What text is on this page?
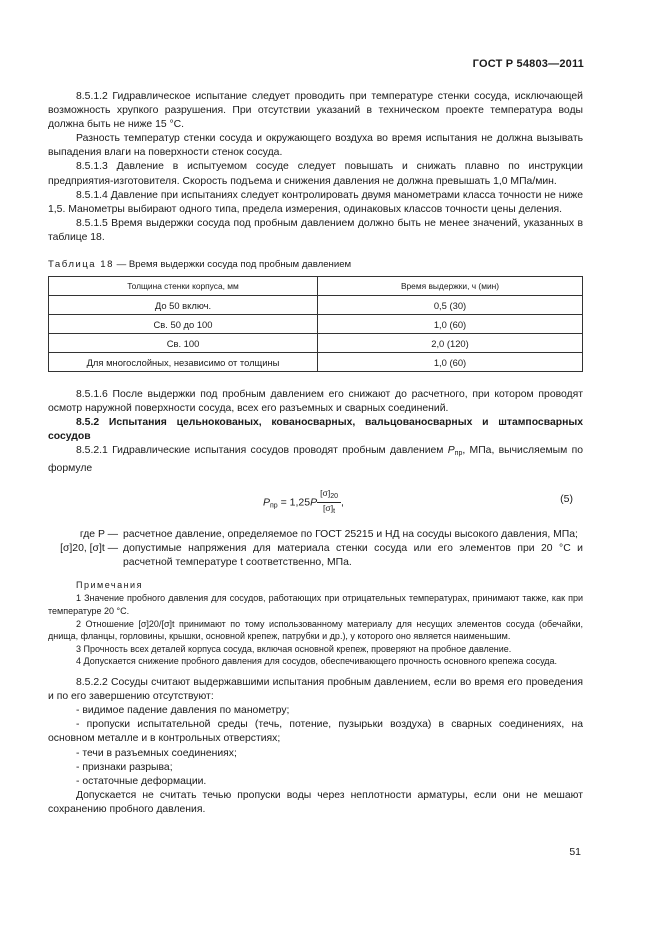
ГОСТ Р 54803—2011

8.5.1.2 Гидравлическое испытание следует проводить при температуре стенки сосуда, исключающей возможность хрупкого разрушения. При отсутствии указаний в техническом проекте температура воды должна быть не ниже 15 °С.

Разность температур стенки сосуда и окружающего воздуха во время испытания не должна вызывать выпадения влаги на поверхности стенок сосуда.

8.5.1.3 Давление в испытуемом сосуде следует повышать и снижать плавно по инструкции предприятия-изготовителя. Скорость подъема и снижения давления не должна превышать 1,0 МПа/мин.

8.5.1.4 Давление при испытаниях следует контролировать двумя манометрами класса точности не ниже 1,5. Манометры выбирают одного типа, предела измерения, одинаковых классов точности цены деления.

8.5.1.5 Время выдержки сосуда под пробным давлением должно быть не менее значений, указанных в таблице 18.

Таблица 18 — Время выдержки сосуда под пробным давлением
Толщина стенки корпуса, мм	Время выдержки, ч (мин)
До 50 включ.	0,5 (30)
Св. 50 до 100	1,0 (60)
Св. 100	2,0 (120)
Для многослойных, независимо от толщины	1,0 (60)

8.5.1.6 После выдержки под пробным давлением его снижают до расчетного, при котором проводят осмотр наружной поверхности сосуда, всех его разъемных и сварных соединений.

8.5.2 Испытания цельнокованых, кованосварных, вальцованосварных и штампосварных сосудов

8.5.2.1 Гидравлические испытания сосудов проводят пробным давлением $P_{пр}$, МПа, вычисляемым по формуле

$P_{пр} = 1,25P \frac{[\sigma]_{20}}{[\sigma]_t}$ ,	(5)
где P — расчетное давление, определяемое по ГОСТ 25215 и НД на сосуды высокого давления, МПа;
[σ]20, [σ]t — допустимые напряжения для материала стенки сосуда или его элементов при 20 °С и расчетной температуре t соответственно, МПа.

Примечания

1 Значение пробного давления для сосудов, работающих при отрицательных температурах, принимают также, как при температуре 20 °С.

2 Отношение [σ]20/[σ]t принимают по тому использованному материалу для несущих элементов сосуда (обечайки, днища, фланцы, горловины, крышки, основной крепеж, патрубки и др.), у которого оно является наименьшим.

3 Прочность всех деталей корпуса сосуда, включая основной крепеж, проверяют на пробное давление.

4 Допускается снижение пробного давления для сосудов, обеспечивающего прочность основного крепежа сосуда.

8.5.2.2 Сосуды считают выдержавшими испытания пробным давлением, если во время его проведения и по его завершению отсутствуют:

- видимое падение давления по манометру;

- пропуски испытательной среды (течь, потение, пузырьки воздуха) в сварных соединениях, на основном металле и в контрольных отверстиях;

- течи в разъемных соединениях;

- признаки разрыва;

- остаточные деформации.

Допускается не считать течью пропуски воды через неплотности арматуры, если они не мешают сохранению пробного давления.

51
